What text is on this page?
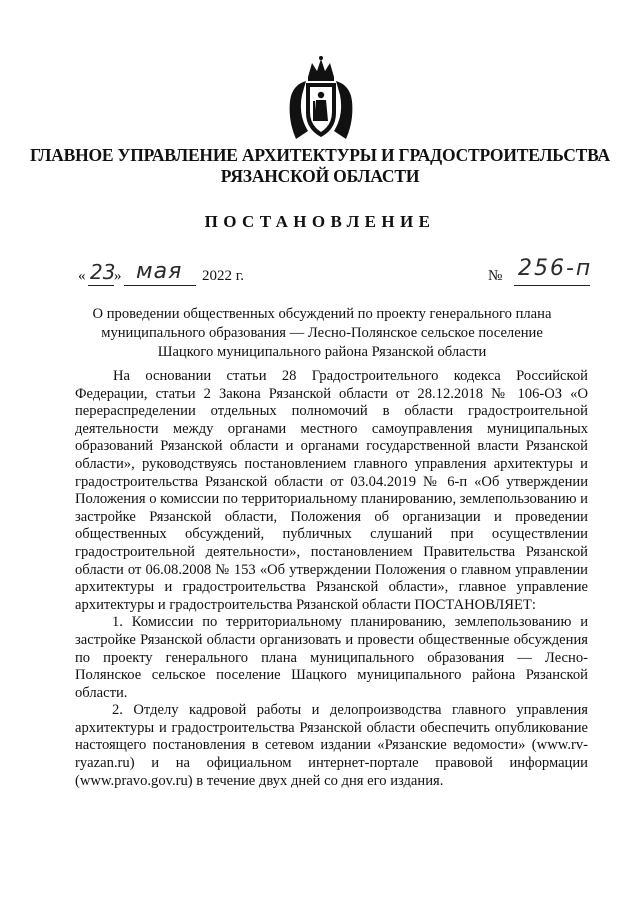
ГЛАВНОЕ УПРАВЛЕНИЕ АРХИТЕКТУРЫ И ГРАДОСТРОИТЕЛЬСТВА
РЯЗАНСКОЙ ОБЛАСТИ
ПОСТАНОВЛЕНИЕ
« 23
» мая 2022 г.	№ 256-п
О проведении общественных обсуждений по проекту генерального плана
муниципального образования — Лесно-Полянское сельское поселение
Шацкого муниципального района Рязанской области

На основании статьи 28 Градостроительного кодекса Российской Федерации, статьи 2 Закона Рязанской области от 28.12.2018 № 106-ОЗ «О перераспределении отдельных полномочий в области градостроительной деятельности между органами местного самоуправления муниципальных образований Рязанской области и органами государственной власти Рязанской области», руководствуясь постановлением главного управления архитектуры и градостроительства Рязанской области от 03.04.2019 № 6-п «Об утверждении Положения о комиссии по территориальному планированию, землепользованию и застройке Рязанской области, Положения об организации и проведении общественных обсуждений, публичных слушаний при осуществлении градостроительной деятельности», постановлением Правительства Рязанской области от 06.08.2008 № 153 «Об утверждении Положения о главном управлении архитектуры и градостроительства Рязанской области», главное управление архитектуры и градостроительства Рязанской области ПОСТАНОВЛЯЕТ:

1. Комиссии по территориальному планированию, землепользованию и застройке Рязанской области организовать и провести общественные обсуждения по проекту генерального плана муниципального образования — Лесно-Полянское сельское поселение Шацкого муниципального района Рязанской области.

2. Отделу кадровой работы и делопроизводства главного управления архитектуры и градостроительства Рязанской области обеспечить опубликование настоящего постановления в сетевом издании «Рязанские ведомости» (www.rv-ryazan.ru) и на официальном интернет-портале правовой информации (www.pravo.gov.ru) в течение двух дней со дня его издания.
